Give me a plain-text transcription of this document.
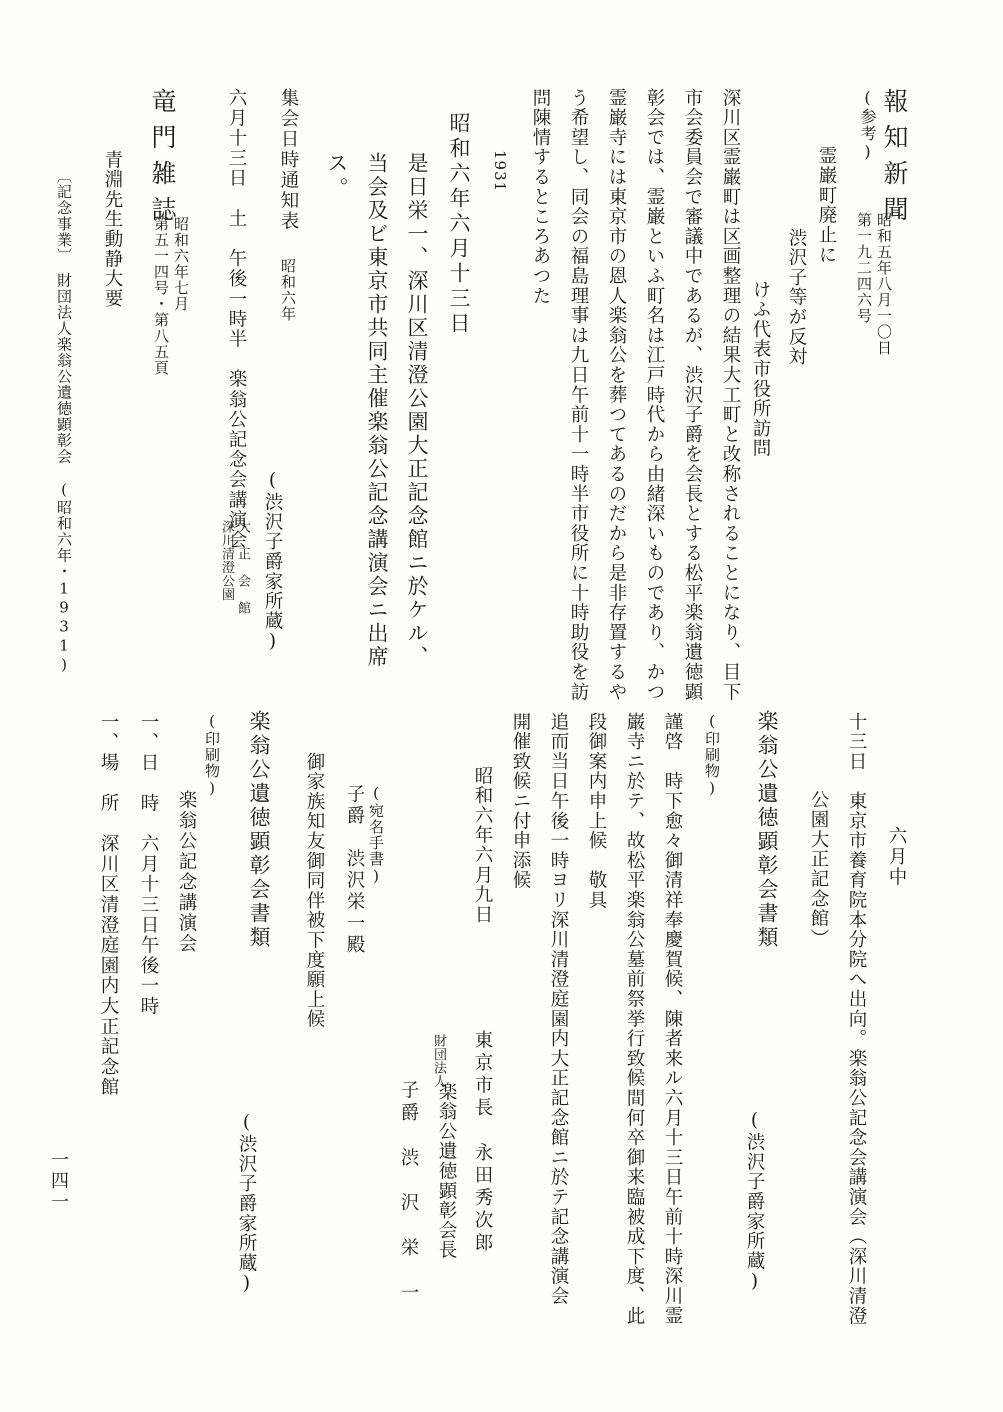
(参考) 報知新聞
第一九二四六号 昭和五年八月一〇日
霊巌町廃止に
渋沢子等が反対
けふ代表市役所訪問
深川区霊巌町は区画整理の結果大工町と改称されることになり、目下
市会委員会で審議中であるが、渋沢子爵を会長とする松平楽翁遺徳顕
彰会では、霊巌といふ町名は江戸時代から由緒深いものであり、かつ
霊巌寺には東京市の恩人楽翁公を葬つてあるのだから是非存置するや
う希望し、同会の福島理事は九日午前十一時半市役所に十時助役を訪
問陳情するところあつた
1931
昭和六年六月十三日
是日栄一、深川区清澄公園大正記念館ニ於ケル、
当会及ビ東京市共同主催楽翁公記念講演会ニ出席
ス。
集会日時通知表
昭和六年
(渋沢子爵家所蔵)
六月十三日　土　午後一時半　楽翁公記念会講演会
深川清澄公園 大　正　会　館
竜門雑誌
第五一四号・第八五頁 昭和六年七月
青淵先生動静大要
〔記念事業〕　財団法人楽翁公遺徳顕彰会　(昭和六年・1931)
六月中
十三日　東京市養育院本分院へ出向。楽翁公記念会講演会（深川清澄
公園大正記念館）
楽翁公遺徳顕彰会書類
(渋沢子爵家所蔵)
(印刷物)
謹啓　時下愈々御清祥奉慶賀候、陳者来ル六月十三日午前十時深川霊
巌寺ニ於テ、故松平楽翁公墓前祭挙行致候間何卒御来臨被成下度、此
段御案内申上候　敬具
追而当日午後一時ヨリ深川清澄庭園内大正記念館ニ於テ記念講演会
開催致候ニ付申添候
昭和六年六月九日
東京市長　永田秀次郎
財団法人
楽翁公遺徳顕彰会長
子爵　渋　沢　栄　一
(宛名手書)
子爵　渋沢栄一殿
御家族知友御同伴被下度願上候
楽翁公遺徳顕彰会書類
(渋沢子爵家所蔵)
(印刷物)
楽翁公記念講演会
一、日　時　六月十三日午後一時
一、場　所　深川区清澄庭園内大正記念館
一四一
